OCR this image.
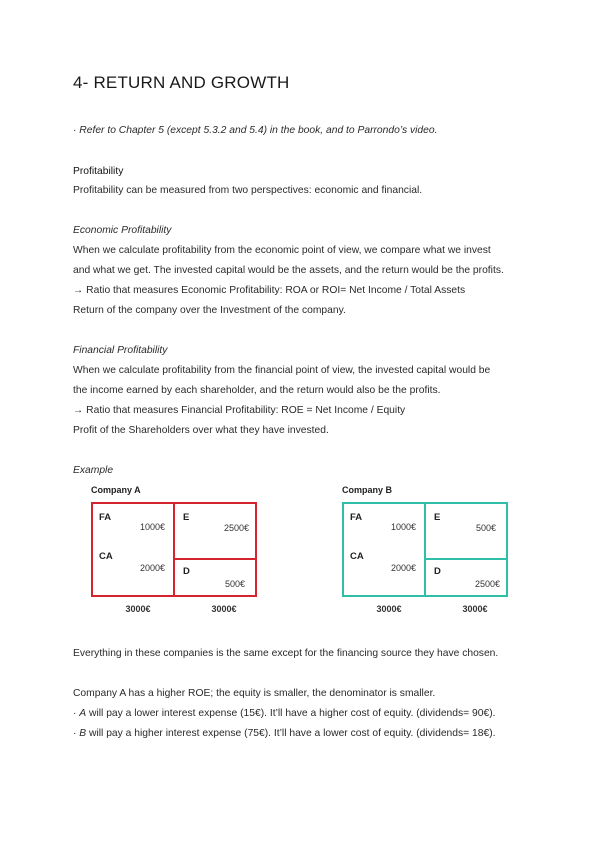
4- RETURN AND GROWTH
· Refer to Chapter 5 (except 5.3.2 and 5.4) in the book, and to Parrondo’s video.
Profitability
Profitability can be measured from two perspectives: economic and financial.
Economic Profitability
When we calculate profitability from the economic point of view, we compare what we invest
and what we get. The invested capital would be the assets, and the return would be the profits.
→ Ratio that measures Economic Profitability: ROA or ROI= Net Income / Total Assets
Return of the company over the Investment of the company.
Financial Profitability
When we calculate profitability from the financial point of view, the invested capital would be
the income earned by each shareholder, and the return would also be the profits.
→ Ratio that measures Financial Profitability: ROE = Net Income / Equity
Profit of the Shareholders over what they have invested.
Example
Company A
FA
1000€
CA
2000€
E
2500€
D
500€
3000€	3000€
Company B
FA
1000€
CA
2000€
E
500€
D
2500€
3000€	3000€
Everything in these companies is the same except for the financing source they have chosen.
Company A has a higher ROE; the equity is smaller, the denominator is smaller.
· A will pay a lower interest expense (15€). It’ll have a higher cost of equity. (dividends= 90€).
· B will pay a higher interest expense (75€). It’ll have a lower cost of equity. (dividends= 18€).
